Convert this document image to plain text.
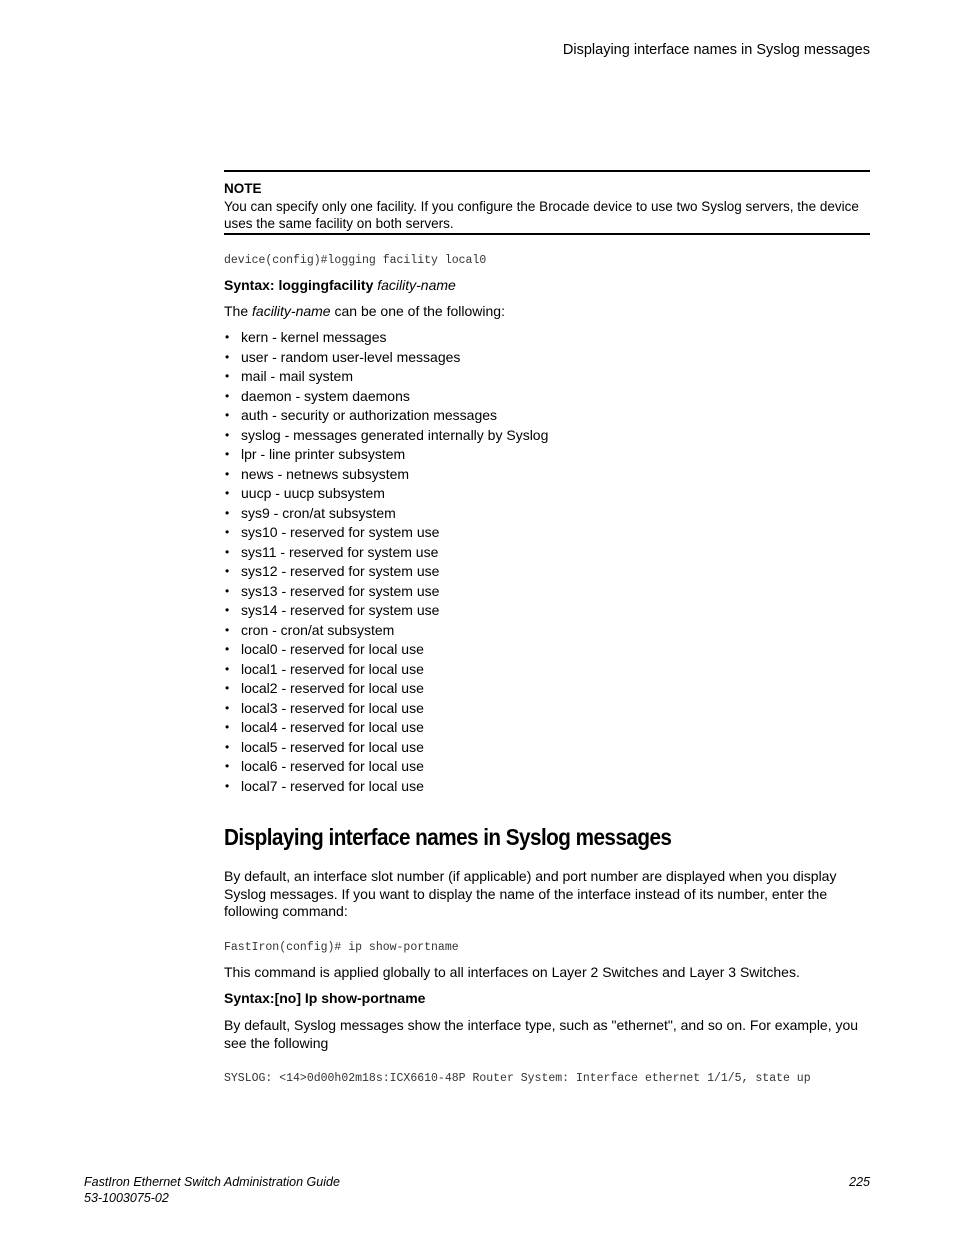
Displaying interface names in Syslog messages
NOTE
You can specify only one facility. If you configure the Brocade device to use two Syslog servers, the device uses the same facility on both servers.
device(config)#logging facility local0
Syntax: loggingfacility facility-name
The facility-name can be one of the following:
• kern - kernel messages
• user - random user-level messages
• mail - mail system
• daemon - system daemons
• auth - security or authorization messages
• syslog - messages generated internally by Syslog
• lpr - line printer subsystem
• news - netnews subsystem
• uucp - uucp subsystem
• sys9 - cron/at subsystem
• sys10 - reserved for system use
• sys11 - reserved for system use
• sys12 - reserved for system use
• sys13 - reserved for system use
• sys14 - reserved for system use
• cron - cron/at subsystem
• local0 - reserved for local use
• local1 - reserved for local use
• local2 - reserved for local use
• local3 - reserved for local use
• local4 - reserved for local use
• local5 - reserved for local use
• local6 - reserved for local use
• local7 - reserved for local use
Displaying interface names in Syslog messages
By default, an interface slot number (if applicable) and port number are displayed when you display Syslog messages. If you want to display the name of the interface instead of its number, enter the following command:
FastIron(config)# ip show-portname
This command is applied globally to all interfaces on Layer 2 Switches and Layer 3 Switches.
Syntax:[no] Ip show-portname
By default, Syslog messages show the interface type, such as "ethernet", and so on. For example, you see the following
SYSLOG: <14>0d00h02m18s:ICX6610-48P Router System: Interface ethernet 1/1/5, state up
FastIron Ethernet Switch Administration Guide
53-1003075-02
225
